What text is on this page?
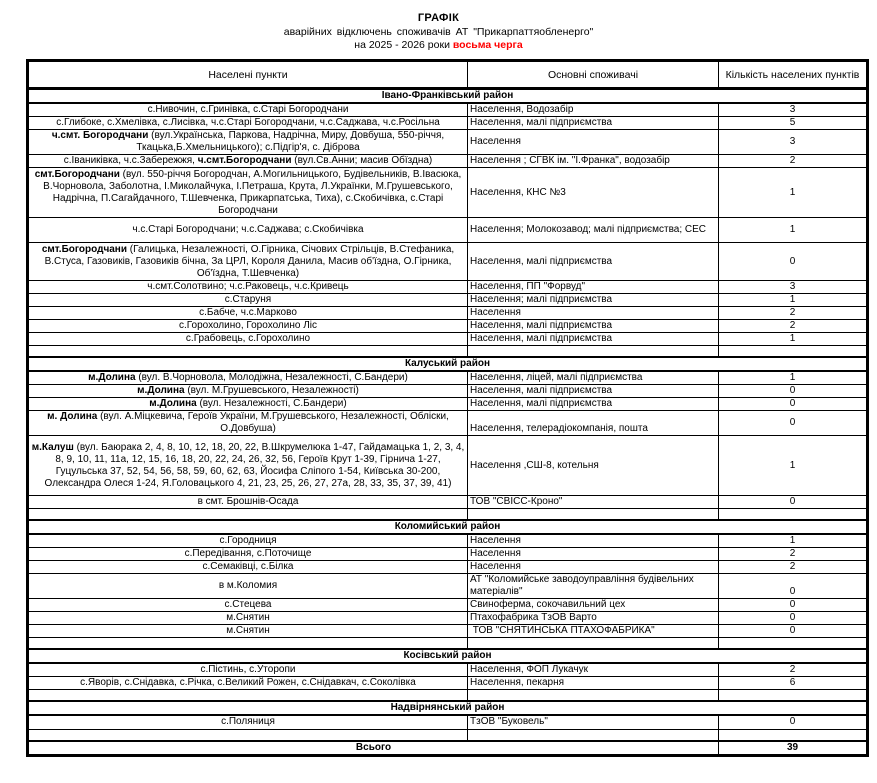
ГРАФІК
аварійних відключень споживачів АТ "Прикарпаттяобленерго"
на 2025 - 2026 роки восьма черга
Населені пункти	Основні споживачі	Кількість населених пунктів
Івано-Франківський район		
с.Нивочин, с.Гринівка, с.Старі Богородчани	Населення, Водозабір	3
с.Глибоке, с.Хмелівка, с.Лисівка, ч.с.Старі Богородчани, ч.с.Саджава, ч.с.Росільна	Населення, малі підприємства	5
ч.смт. Богородчани (вул.Українська, Паркова, Надрічна, Миру, Довбуша, 550-річчя, Ткацька,Б.Хмельницького); с.Підгір'я, с. Діброва	Населення	3
с.Іваниківка, ч.с.Забережжя, ч.смт.Богородчани (вул.Св.Анни; масив Обїздна)	Населення ; СГВК ім. "І.Франка", водозабір	2
смт.Богородчани (вул. 550-річчя Богородчан, А.Могильницького, Будівельників, В.Івасюка, В.Чорновола, Заболотна, І.Миколайчука, І.Петраша, Крута, Л.Українки, М.Грушевського, Надрічна, П.Сагайдачного, Т.Шевченка, Прикарпатська, Тиха), с.Скобичівка, с.Старі Богородчани	Населення, КНС №3	1
ч.с.Старі Богородчани; ч.с.Саджава; с.Скобичівка	Населення; Молокозавод; малі підприємства; СЕС	1
смт.Богородчани (Галицька, Незалежності, О.Гірника, Січових Стрільців, В.Стефаника, В.Стуса, Газовиків, Газовиків бічна, За ЦРЛ, Короля Данила, Масив об'їздна, О.Гірника, Об'їздна, Т.Шевченка)	Населення, малі підприємства	0
ч.смт.Солотвино; ч.с.Раковець, ч.с.Кривець	Населення, ПП "Форвуд"	3
с.Старуня	Населення; малі підприємства	1
с.Бабче, ч.с.Марково	Населення	2
с.Горохолино, Горохолино Ліс	Населення, малі підприємства	2
с.Грабовець, с.Горохолино	Населення, малі підприємства	1

Калуський район		
м.Долина (вул. В.Чорновола, Молодіжна, Незалежності, С.Бандери)	Населення, ліцей, малі підприємства	1
м.Долина (вул. М.Грушевського, Незалежності)	Населення, малі підприємства	0
м.Долина (вул. Незалежності, С.Бандери)	Населення, малі підприємства	0
м. Долина (вул. А.Міцкевича, Героїв України, М.Грушевського, Незалежності, Обліски, О.Довбуша)	Населення, телерадіокомпанія, пошта	0
м.Калуш (вул. Баюрака 2, 4, 8, 10, 12, 18, 20, 22, В.Шкрумелюка 1-47, Гайдамацька 1, 2, 3, 4, 8, 9, 10, 11, 11а, 12, 15, 16, 18, 20, 22, 24, 26, 32, 56, Героїв Крут 1-39, Гірнича 1-27, Гуцульська 37, 52, 54, 56, 58, 59, 60, 62, 63, Йосифа Сліпого 1-54, Київська 30-200, Олександра Олеся 1-24, Я.Головацького 4, 21, 23, 25, 26, 27, 27а, 28, 33, 35, 37, 39, 41)	Населення ,СШ-8, котельня	1
в смт. Брошнів-Осада	ТОВ "СВІСС-Кроно"	0

Коломийський район		
с.Городниця	Населення	1
с.Передівання, с.Поточище	Населення	2
с.Семаківці, с.Білка	Населення	2
в м.Коломия	АТ "Коломийське заводоуправління будівельних матеріалів"	0
с.Стецева	Свиноферма, сокочавильний цех	0
м.Снятин	Птахофабрика ТзОВ Варто	0
м.Снятин	ТОВ "СНЯТИНСЬКА ПТАХОФАБРИКА"	0

Косівський район		
с.Пістинь, с.Уторопи	Населення, ФОП Лукачук	2
с.Яворів, с.Снідавка, с.Річка, с.Великий Рожен, с.Снідавкач, с.Соколівка	Населення, пекарня	6

Надвірнянський район		
с.Поляниця	ТзОВ "Буковель"	0

Всього		39
